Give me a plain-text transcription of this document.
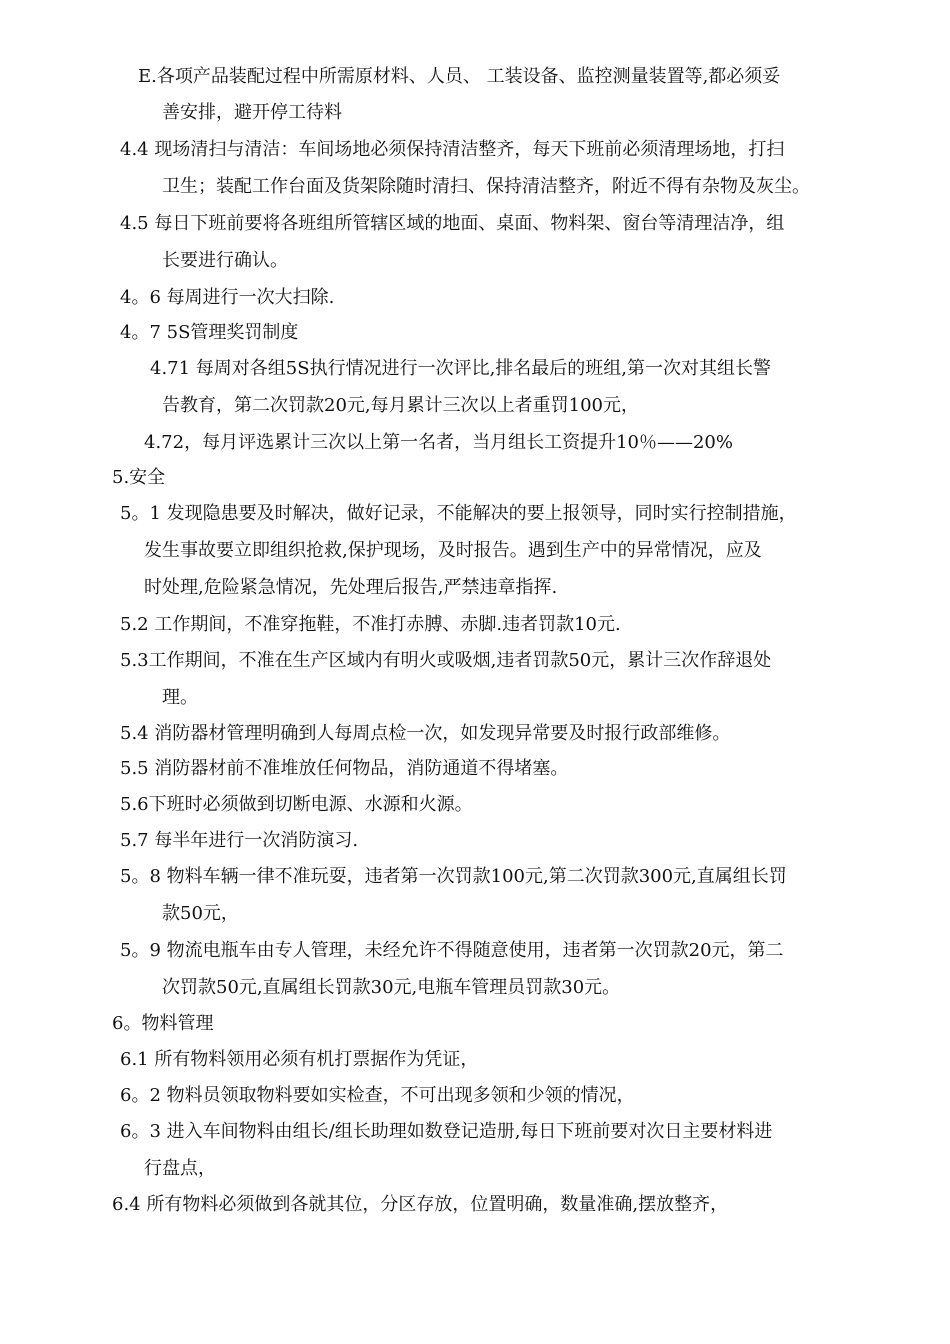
E.各项产品装配过程中所需原材料、人员、 工装设备、监控测量装置等,都必须妥
善安排，避开停工待料
4.4 现场清扫与清洁：车间场地必须保持清洁整齐，每天下班前必须清理场地，打扫
卫生；装配工作台面及货架除随时清扫、保持清洁整齐，附近不得有杂物及灰尘。
4.5 每日下班前要将各班组所管辖区域的地面、桌面、物料架、窗台等清理洁净，组
长要进行确认。
4。6 每周进行一次大扫除.
4。7 5S管理奖罚制度
4.71 每周对各组5S执行情况进行一次评比,排名最后的班组,第一次对其组长警
告教育，第二次罚款20元,每月累计三次以上者重罚100元，
4.72，每月评选累计三次以上第一名者，当月组长工资提升10％——20%
5.安全
5。1 发现隐患要及时解决，做好记录，不能解决的要上报领导，同时实行控制措施，
发生事故要立即组织抢救,保护现场，及时报告。遇到生产中的异常情况，应及
时处理,危险紧急情况，先处理后报告,严禁违章指挥.
5.2 工作期间，不准穿拖鞋，不准打赤膊、赤脚.违者罚款10元.
5.3工作期间，不准在生产区域内有明火或吸烟,违者罚款50元，累计三次作辞退处
理。
5.4 消防器材管理明确到人每周点检一次，如发现异常要及时报行政部维修。
5.5 消防器材前不准堆放任何物品，消防通道不得堵塞。
5.6下班时必须做到切断电源、水源和火源。
5.7 每半年进行一次消防演习.
5。8 物料车辆一律不准玩耍，违者第一次罚款100元,第二次罚款300元,直属组长罚
款50元，
5。9 物流电瓶车由专人管理，未经允许不得随意使用，违者第一次罚款20元，第二
次罚款50元,直属组长罚款30元,电瓶车管理员罚款30元。
6。物料管理
6.1 所有物料领用必须有机打票据作为凭证，
6。2 物料员领取物料要如实检查，不可出现多领和少领的情况，
6。3 进入车间物料由组长/组长助理如数登记造册,每日下班前要对次日主要材料进
行盘点，
6.4 所有物料必须做到各就其位，分区存放，位置明确，数量准确,摆放整齐，
